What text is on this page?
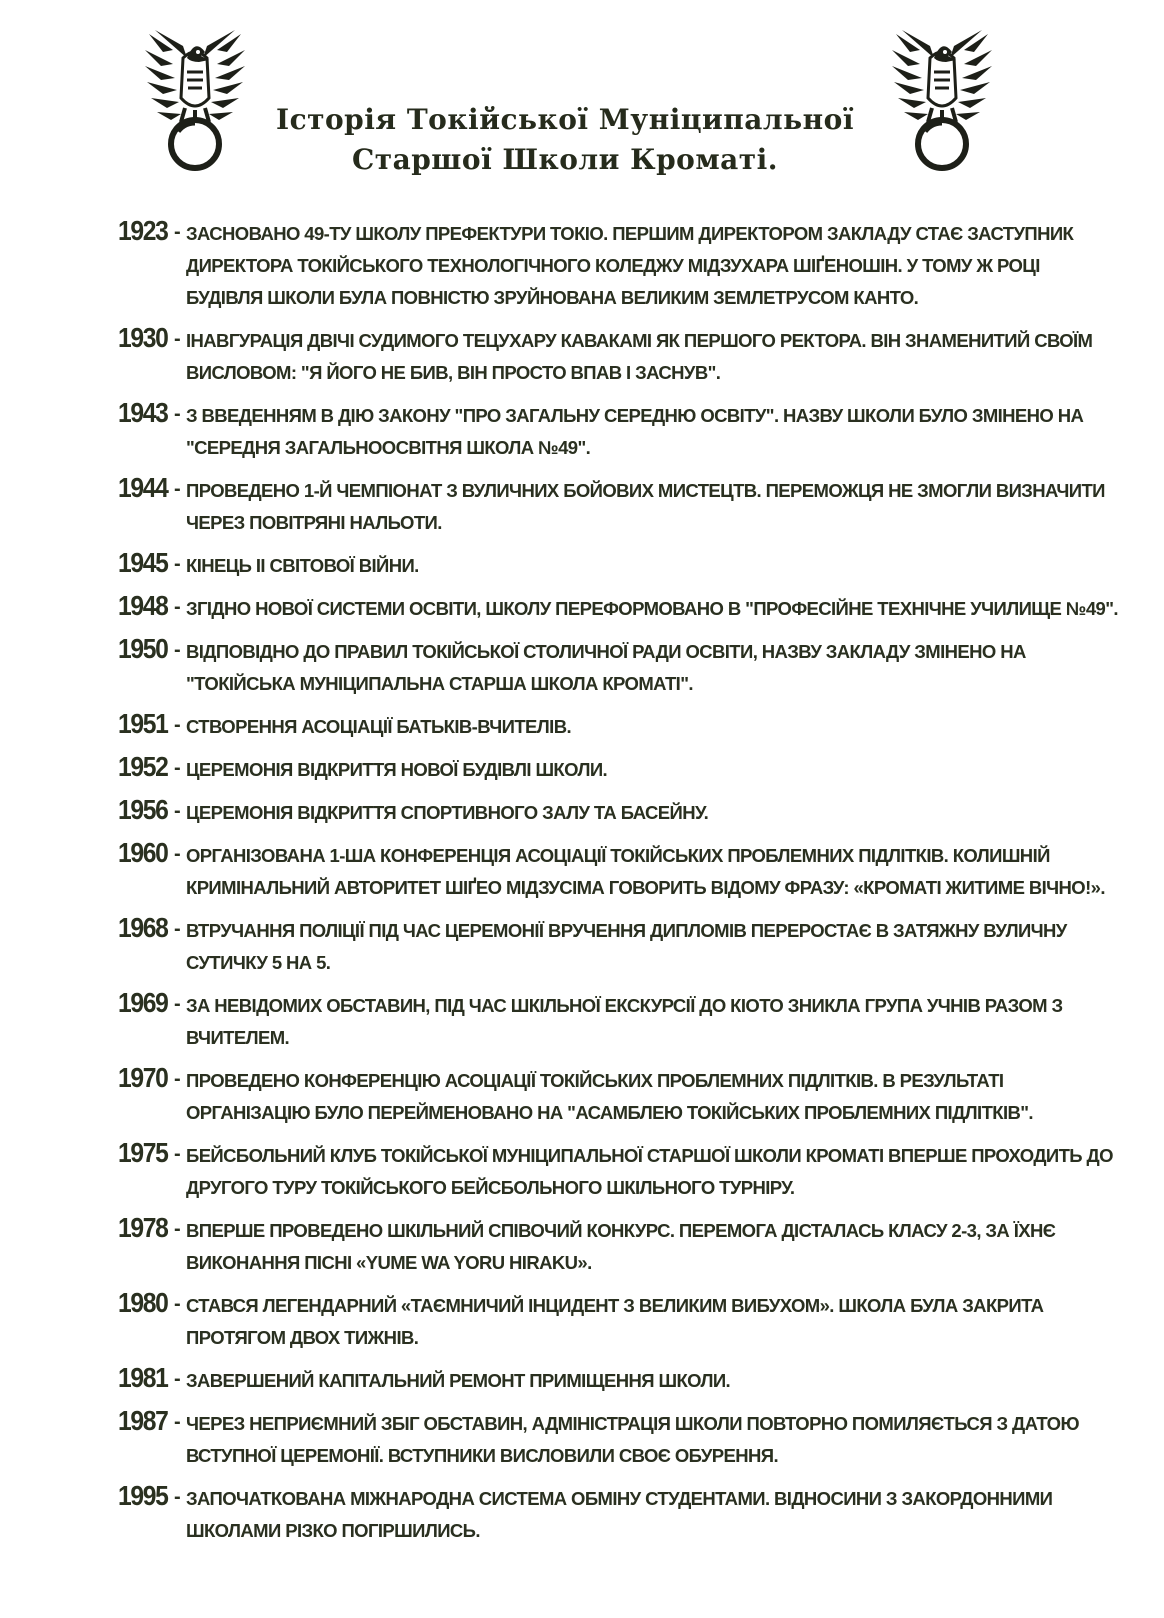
Історія Токійської Муніципальної
Старшої Школи Кроматі.
1923 - ЗАСНОВАНО 49-ТУ ШКОЛУ ПРЕФЕКТУРИ ТОКІО. ПЕРШИМ ДИРЕКТОРОМ ЗАКЛАДУ СТАЄ ЗАСТУПНИК
ДИРЕКТОРА ТОКІЙСЬКОГО ТЕХНОЛОГІЧНОГО КОЛЕДЖУ МІДЗУХАРА ШІҐЕНОШІН. У ТОМУ Ж РОЦІ
БУДІВЛЯ ШКОЛИ БУЛА ПОВНІСТЮ ЗРУЙНОВАНА ВЕЛИКИМ ЗЕМЛЕТРУСОМ КАНТО.
1930 - ІНАВГУРАЦІЯ ДВІЧІ СУДИМОГО ТЕЦУХАРУ КАВАКАМІ ЯК ПЕРШОГО РЕКТОРА. ВІН ЗНАМЕНИТИЙ СВОЇМ
ВИСЛОВОМ: "Я ЙОГО НЕ БИВ, ВІН ПРОСТО ВПАВ І ЗАСНУВ".
1943 - З ВВЕДЕННЯМ В ДІЮ ЗАКОНУ "ПРО ЗАГАЛЬНУ СЕРЕДНЮ ОСВІТУ". НАЗВУ ШКОЛИ БУЛО ЗМІНЕНО НА
"СЕРЕДНЯ ЗАГАЛЬНООСВІТНЯ ШКОЛА №49".
1944 - ПРОВЕДЕНО 1-Й ЧЕМПІОНАТ З ВУЛИЧНИХ БОЙОВИХ МИСТЕЦТВ. ПЕРЕМОЖЦЯ НЕ ЗМОГЛИ ВИЗНАЧИТИ
ЧЕРЕЗ ПОВІТРЯНІ НАЛЬОТИ.
1945 - КІНЕЦЬ ІІ СВІТОВОЇ ВІЙНИ.
1948 - ЗГІДНО НОВОЇ СИСТЕМИ ОСВІТИ, ШКОЛУ ПЕРЕФОРМОВАНО В "ПРОФЕСІЙНЕ ТЕХНІЧНЕ УЧИЛИЩЕ №49".
1950 - ВІДПОВІДНО ДО ПРАВИЛ ТОКІЙСЬКОЇ СТОЛИЧНОЇ РАДИ ОСВІТИ, НАЗВУ ЗАКЛАДУ ЗМІНЕНО НА
"ТОКІЙСЬКА МУНІЦИПАЛЬНА СТАРША ШКОЛА КРОМАТІ".
1951 - СТВОРЕННЯ АСОЦІАЦІЇ БАТЬКІВ-ВЧИТЕЛІВ.
1952 - ЦЕРЕМОНІЯ ВІДКРИТТЯ НОВОЇ БУДІВЛІ ШКОЛИ.
1956 - ЦЕРЕМОНІЯ ВІДКРИТТЯ СПОРТИВНОГО ЗАЛУ ТА БАСЕЙНУ.
1960 - ОРГАНІЗОВАНА 1-ША КОНФЕРЕНЦІЯ АСОЦІАЦІЇ ТОКІЙСЬКИХ ПРОБЛЕМНИХ ПІДЛІТКІВ. КОЛИШНІЙ
КРИМІНАЛЬНИЙ АВТОРИТЕТ ШІҐЕО МІДЗУСІМА ГОВОРИТЬ ВІДОМУ ФРАЗУ: «КРОМАТІ ЖИТИМЕ ВІЧНО!».
1968 - ВТРУЧАННЯ ПОЛІЦІЇ ПІД ЧАС ЦЕРЕМОНІЇ ВРУЧЕННЯ ДИПЛОМІВ ПЕРЕРОСТАЄ В ЗАТЯЖНУ ВУЛИЧНУ
СУТИЧКУ 5 НА 5.
1969 - ЗА НЕВІДОМИХ ОБСТАВИН, ПІД ЧАС ШКІЛЬНОЇ ЕКСКУРСІЇ ДО КІОТО ЗНИКЛА ГРУПА УЧНІВ РАЗОМ З
ВЧИТЕЛЕМ.
1970 - ПРОВЕДЕНО КОНФЕРЕНЦІЮ АСОЦІАЦІЇ ТОКІЙСЬКИХ ПРОБЛЕМНИХ ПІДЛІТКІВ. В РЕЗУЛЬТАТІ
ОРГАНІЗАЦІЮ БУЛО ПЕРЕЙМЕНОВАНО НА "АСАМБЛЕЮ ТОКІЙСЬКИХ ПРОБЛЕМНИХ ПІДЛІТКІВ".
1975 - БЕЙСБОЛЬНИЙ КЛУБ ТОКІЙСЬКОЇ МУНІЦИПАЛЬНОЇ СТАРШОЇ ШКОЛИ КРОМАТІ ВПЕРШЕ ПРОХОДИТЬ ДО
ДРУГОГО ТУРУ ТОКІЙСЬКОГО БЕЙСБОЛЬНОГО ШКІЛЬНОГО ТУРНІРУ.
1978 - ВПЕРШЕ ПРОВЕДЕНО ШКІЛЬНИЙ СПІВОЧИЙ КОНКУРС. ПЕРЕМОГА ДІСТАЛАСЬ КЛАСУ 2-3, ЗА ЇХНЄ
ВИКОНАННЯ ПІСНІ «YUME WA YORU HIRAKU».
1980 - СТАВСЯ ЛЕГЕНДАРНИЙ «ТАЄМНИЧИЙ ІНЦИДЕНТ З ВЕЛИКИМ ВИБУХОМ». ШКОЛА БУЛА ЗАКРИТА
ПРОТЯГОМ ДВОХ ТИЖНІВ.
1981 - ЗАВЕРШЕНИЙ КАПІТАЛЬНИЙ РЕМОНТ ПРИМІЩЕННЯ ШКОЛИ.
1987 - ЧЕРЕЗ НЕПРИЄМНИЙ ЗБІГ ОБСТАВИН, АДМІНІСТРАЦІЯ ШКОЛИ ПОВТОРНО ПОМИЛЯЄТЬСЯ З ДАТОЮ
ВСТУПНОЇ ЦЕРЕМОНІЇ. ВСТУПНИКИ ВИСЛОВИЛИ СВОЄ ОБУРЕННЯ.
1995 - ЗАПОЧАТКОВАНА МІЖНАРОДНА СИСТЕМА ОБМІНУ СТУДЕНТАМИ. ВІДНОСИНИ З ЗАКОРДОННИМИ
ШКОЛАМИ РІЗКО ПОГІРШИЛИСЬ.
